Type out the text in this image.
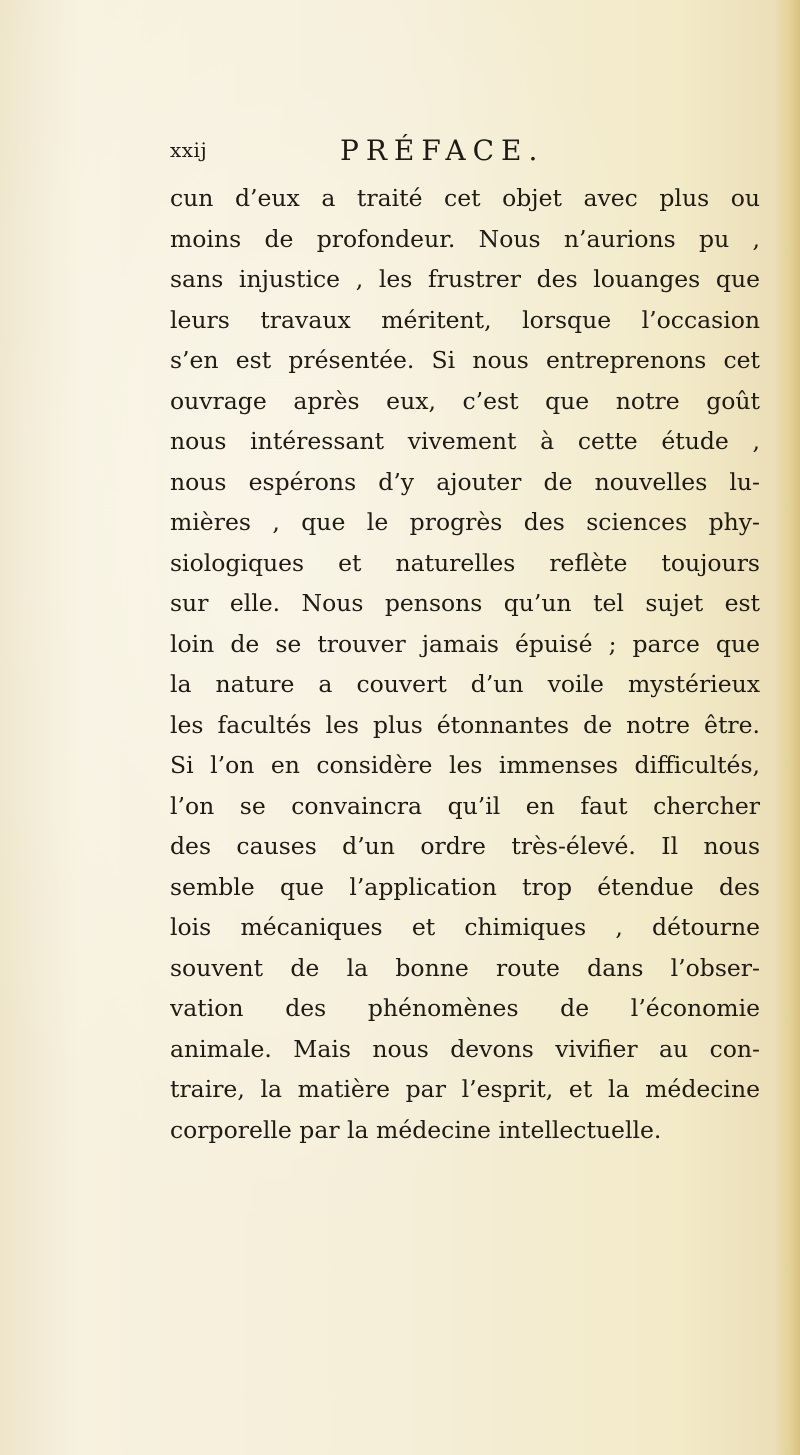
xxij	PRÉFACE.
cun d’eux a traité cet objet avec plus ou
moins de profondeur. Nous n’aurions pu ,
sans injustice , les frustrer des louanges que
leurs travaux méritent, lorsque l’occasion
s’en est présentée. Si nous entreprenons cet
ouvrage après eux, c’est que notre goût
nous intéressant vivement à cette étude ,
nous espérons d’y ajouter de nouvelles lu-
mières , que le progrès des sciences phy-
siologiques et naturelles reflète toujours
sur elle. Nous pensons qu’un tel sujet est
loin de se trouver jamais épuisé ; parce que
la nature a couvert d’un voile mystérieux
les facultés les plus étonnantes de notre être.
Si l’on en considère les immenses difficultés,
l’on se convaincra qu’il en faut chercher
des causes d’un ordre très-élevé. Il nous
semble que l’application trop étendue des
lois mécaniques et chimiques , détourne
souvent de la bonne route dans l’obser-
vation des phénomènes de l’économie
animale. Mais nous devons vivifier au con-
traire, la matière par l’esprit, et la médecine
corporelle par la médecine intellectuelle.
